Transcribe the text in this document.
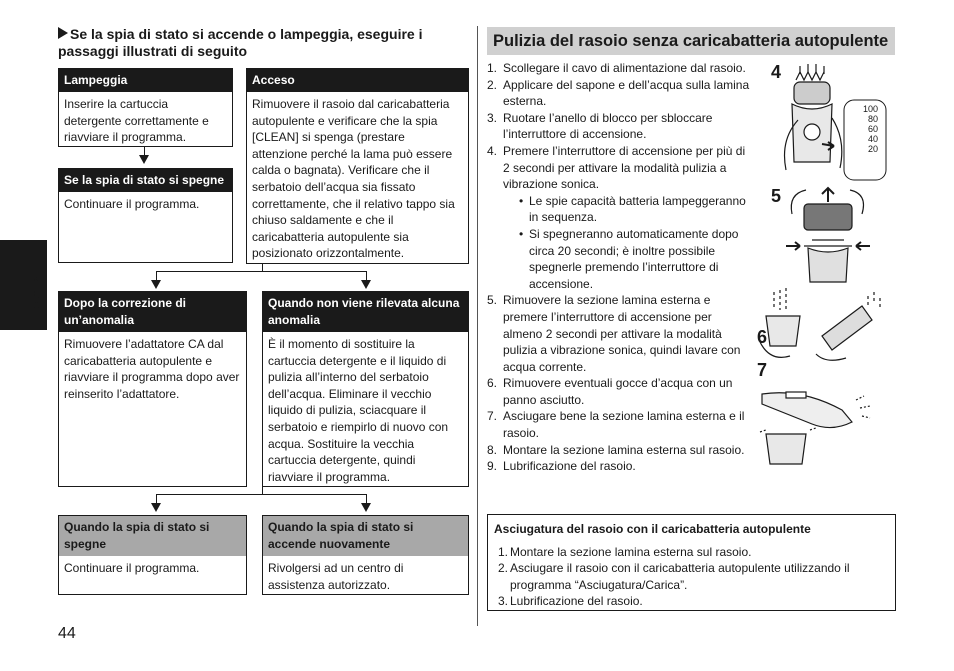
Italiano
44
Se la spia di stato si accende o lampeggia, eseguire i passaggi illustrati di seguito
Lampeggia
Inserire la cartuccia detergente correttamente e riavviare il programma.
Acceso
Rimuovere il rasoio dal caricabatteria autopulente e verificare che la spia [CLEAN] si spenga (prestare attenzione perché la lama può essere calda o bagnata). Verificare che il serbatoio dell’acqua sia fissato correttamente, che il relativo tappo sia chiuso saldamente e che il caricabatteria autopulente sia posizionato orizzontalmente.
Se la spia di stato si spegne
Continuare il programma.
Dopo la correzione di un’anomalia
Rimuovere l’adattatore CA dal caricabatteria autopulente e riavviare il programma dopo aver reinserito l’adattatore.
Quando non viene rilevata alcuna anomalia
È il momento di sostituire la cartuccia detergente e il liquido di pulizia all’interno del serbatoio dell’acqua. Eliminare il vecchio liquido di pulizia, sciacquare il serbatoio e riempirlo di nuovo con acqua. Sostituire la vecchia cartuccia detergente, quindi riavviare il programma.
Quando la spia di stato si spegne
Continuare il programma.
Quando la spia di stato si accende nuovamente
Rivolgersi ad un centro di assistenza autorizzato.
Pulizia del rasoio senza caricabatteria autopulente
1. Scollegare il cavo di alimentazione dal rasoio.
2. Applicare del sapone e dell’acqua sulla lamina esterna.
3. Ruotare l’anello di blocco per sbloccare l’interruttore di accensione.
4. Premere l’interruttore di accensione per più di 2 secondi per attivare la modalità pulizia a vibrazione sonica.
• Le spie capacità batteria lampeggeranno in sequenza.
• Si spegneranno automaticamente dopo circa 20 secondi; è inoltre possibile spegnerle premendo l’interruttore di accensione.
5. Rimuovere la sezione lamina esterna e premere l’interruttore di accensione per almeno 2 secondi per attivare la modalità pulizia a vibrazione sonica, quindi lavare con acqua corrente.
6. Rimuovere eventuali gocce d’acqua con un panno asciutto.
7. Asciugare bene la sezione lamina esterna e il rasoio.
8. Montare la sezione lamina esterna sul rasoio.
9. Lubrificazione del rasoio.
4
100
80
60
40
20
5
6
7
Asciugatura del rasoio con il caricabatteria autopulente
1. Montare la sezione lamina esterna sul rasoio.
2. Asciugare il rasoio con il caricabatteria autopulente utilizzando il programma “Asciugatura/Carica”.
3. Lubrificazione del rasoio.
